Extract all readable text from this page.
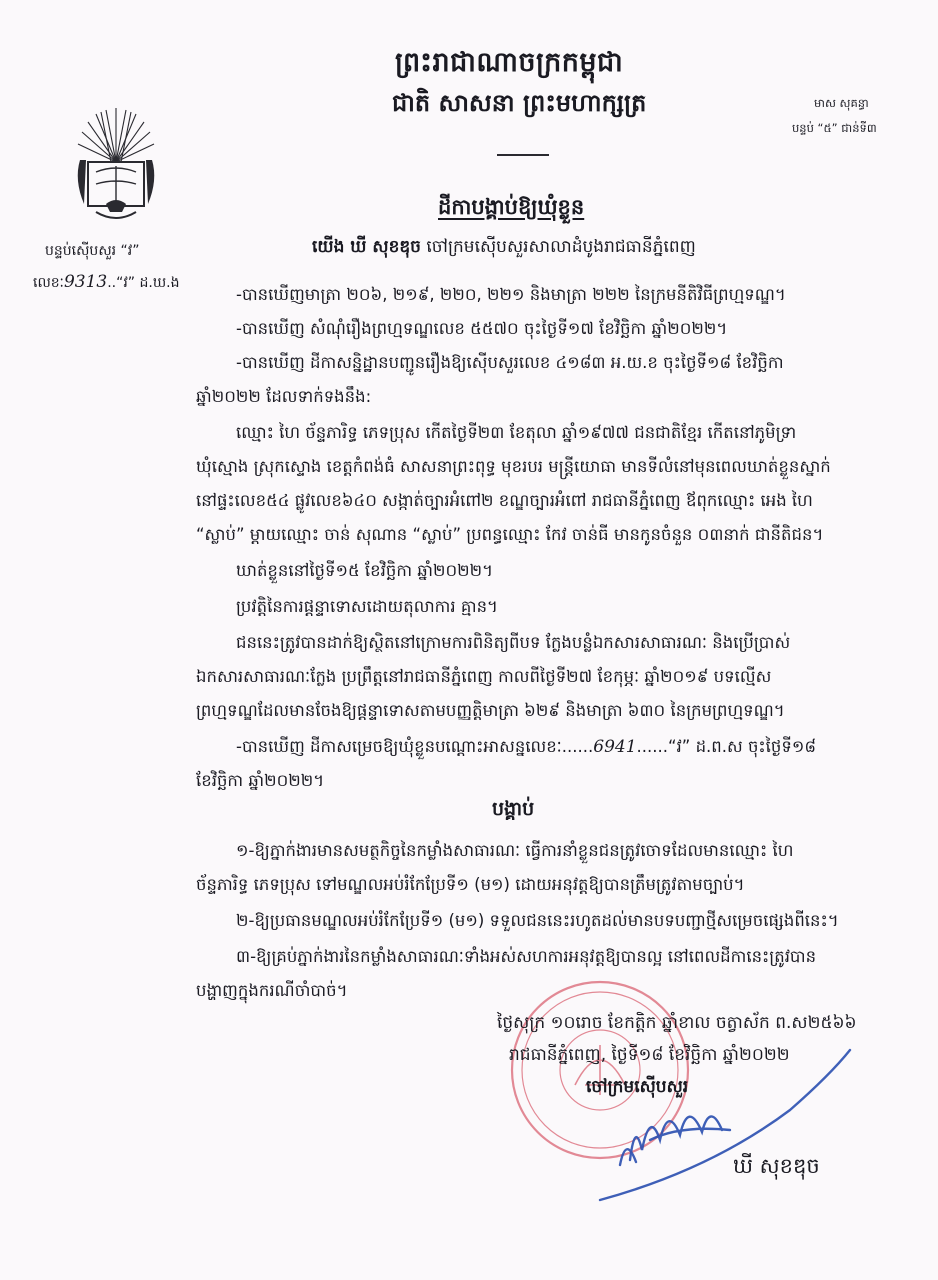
ព្រះរាជាណាចក្រកម្ពុជា
ជាតិ សាសនា ព្រះមហាក្សត្រ	មាស សុគន្ធា
បន្ទប់ “៥” ជាន់ទី៣
បន្ទប់ស៊ើបសួរ “វ”
លេខៈ9313..“វ” ដ.ឃ.ង
ដីកាបង្គាប់ឱ្យឃុំខ្លួន
យើង ឃី សុខឌុច ចៅក្រមស៊ើបសួរសាលាដំបូងរាជធានីភ្នំពេញ
-បានឃើញមាត្រា ២០៦, ២១៩, ២២០, ២២១ និងមាត្រា ២២២ នៃក្រមនីតិវិធីព្រហ្មទណ្ឌ។
-បានឃើញ សំណុំរឿងព្រហ្មទណ្ឌលេខ ៥៥៧០ ចុះថ្ងៃទី១៧ ខែវិច្ឆិកា ឆ្នាំ២០២២។
-បានឃើញ ដីកាសន្និដ្ឋានបញ្ជូនរឿងឱ្យស៊ើបសួរលេខ ៤១៨៣ អ.យ.ខ ចុះថ្ងៃទី១៨ ខែវិច្ឆិកា
ឆ្នាំ២០២២ ដែលទាក់ទងនឹង:
ឈ្មោះ ហៃ ច័ន្ទភារិទ្ធ ភេទប្រុស កើតថ្ងៃទី២៣ ខែតុលា ឆ្នាំ១៩៧៧ ជនជាតិខ្មែរ កើតនៅភូមិទ្រា
ឃុំស្មោង ស្រុកស្ទោង ខេត្តកំពង់ធំ សាសនាព្រះពុទ្ធ មុខរបរ មន្ត្រីយោធា មានទីលំនៅមុនពេលឃាត់ខ្លួនស្នាក់
នៅផ្ទះលេខ៥៤ ផ្លូវលេខ៦៤០ សង្កាត់ច្បារអំពៅ២ ខណ្ឌច្បារអំពៅ រាជធានីភ្នំពេញ ឪពុកឈ្មោះ អេង ហៃ
“ស្លាប់” ម្ដាយឈ្មោះ ចាន់ សុណាន “ស្លាប់” ប្រពន្ធឈ្មោះ កែវ ចាន់ធី មានកូនចំនួន ០៣នាក់ ជានីតិជន។
ឃាត់ខ្លួននៅថ្ងៃទី១៥ ខែវិច្ឆិកា ឆ្នាំ២០២២។
ប្រវត្តិនៃការផ្ដន្ទាទោសដោយតុលាការ គ្មាន។
ជននេះត្រូវបានដាក់ឱ្យស្ថិតនៅក្រោមការពិនិត្យពីបទ ក្លែងបន្លំឯកសារសាធារណៈ និងប្រើប្រាស់
ឯកសារសាធារណៈក្លែង ប្រព្រឹត្តនៅរាជធានីភ្នំពេញ កាលពីថ្ងៃទី២៧ ខែកុម្ភៈ ឆ្នាំ២០១៩ បទល្មើស
ព្រហ្មទណ្ឌដែលមានចែងឱ្យផ្ដន្ទាទោសតាមបញ្ញត្តិមាត្រា ៦២៩ និងមាត្រា ៦៣០ នៃក្រមព្រហ្មទណ្ឌ។
-បានឃើញ ដីកាសម្រេចឱ្យឃុំខ្លួនបណ្ដោះអាសន្នលេខៈ......6941......“វ” ដ.ព.ស ចុះថ្ងៃទី១៨
ខែវិច្ឆិកា ឆ្នាំ២០២២។
បង្គាប់
១-ឱ្យភ្នាក់ងារមានសមត្ថកិច្ចនៃកម្លាំងសាធារណៈ ធ្វើការនាំខ្លួនជនត្រូវចោទដែលមានឈ្មោះ ហៃ
ច័ន្ទភារិទ្ធ ភេទប្រុស ទៅមណ្ឌលអប់រំកែប្រែទី១ (ម១) ដោយអនុវត្តឱ្យបានត្រឹមត្រូវតាមច្បាប់។
២-ឱ្យប្រធានមណ្ឌលអប់រំកែប្រែទី១ (ម១) ទទួលជននេះរហូតដល់មានបទបញ្ជាថ្មីសម្រេចផ្សេងពីនេះ។
៣-ឱ្យគ្រប់ភ្នាក់ងារនៃកម្លាំងសាធារណៈទាំងអស់សហការអនុវត្តឱ្យបានល្អ នៅពេលដីកានេះត្រូវបាន
បង្ហាញក្នុងករណីចាំបាច់។
ថ្ងៃសុក្រ ១០រោច ខែកត្ដិក ឆ្នាំខាល ចត្វាស័ក ព.ស២៥៦៦
រាជធានីភ្នំពេញ, ថ្ងៃទី១៨ ខែវិច្ឆិកា ឆ្នាំ២០២២
ចៅក្រមស៊ើបសួរ
ឃី សុខឌុច
